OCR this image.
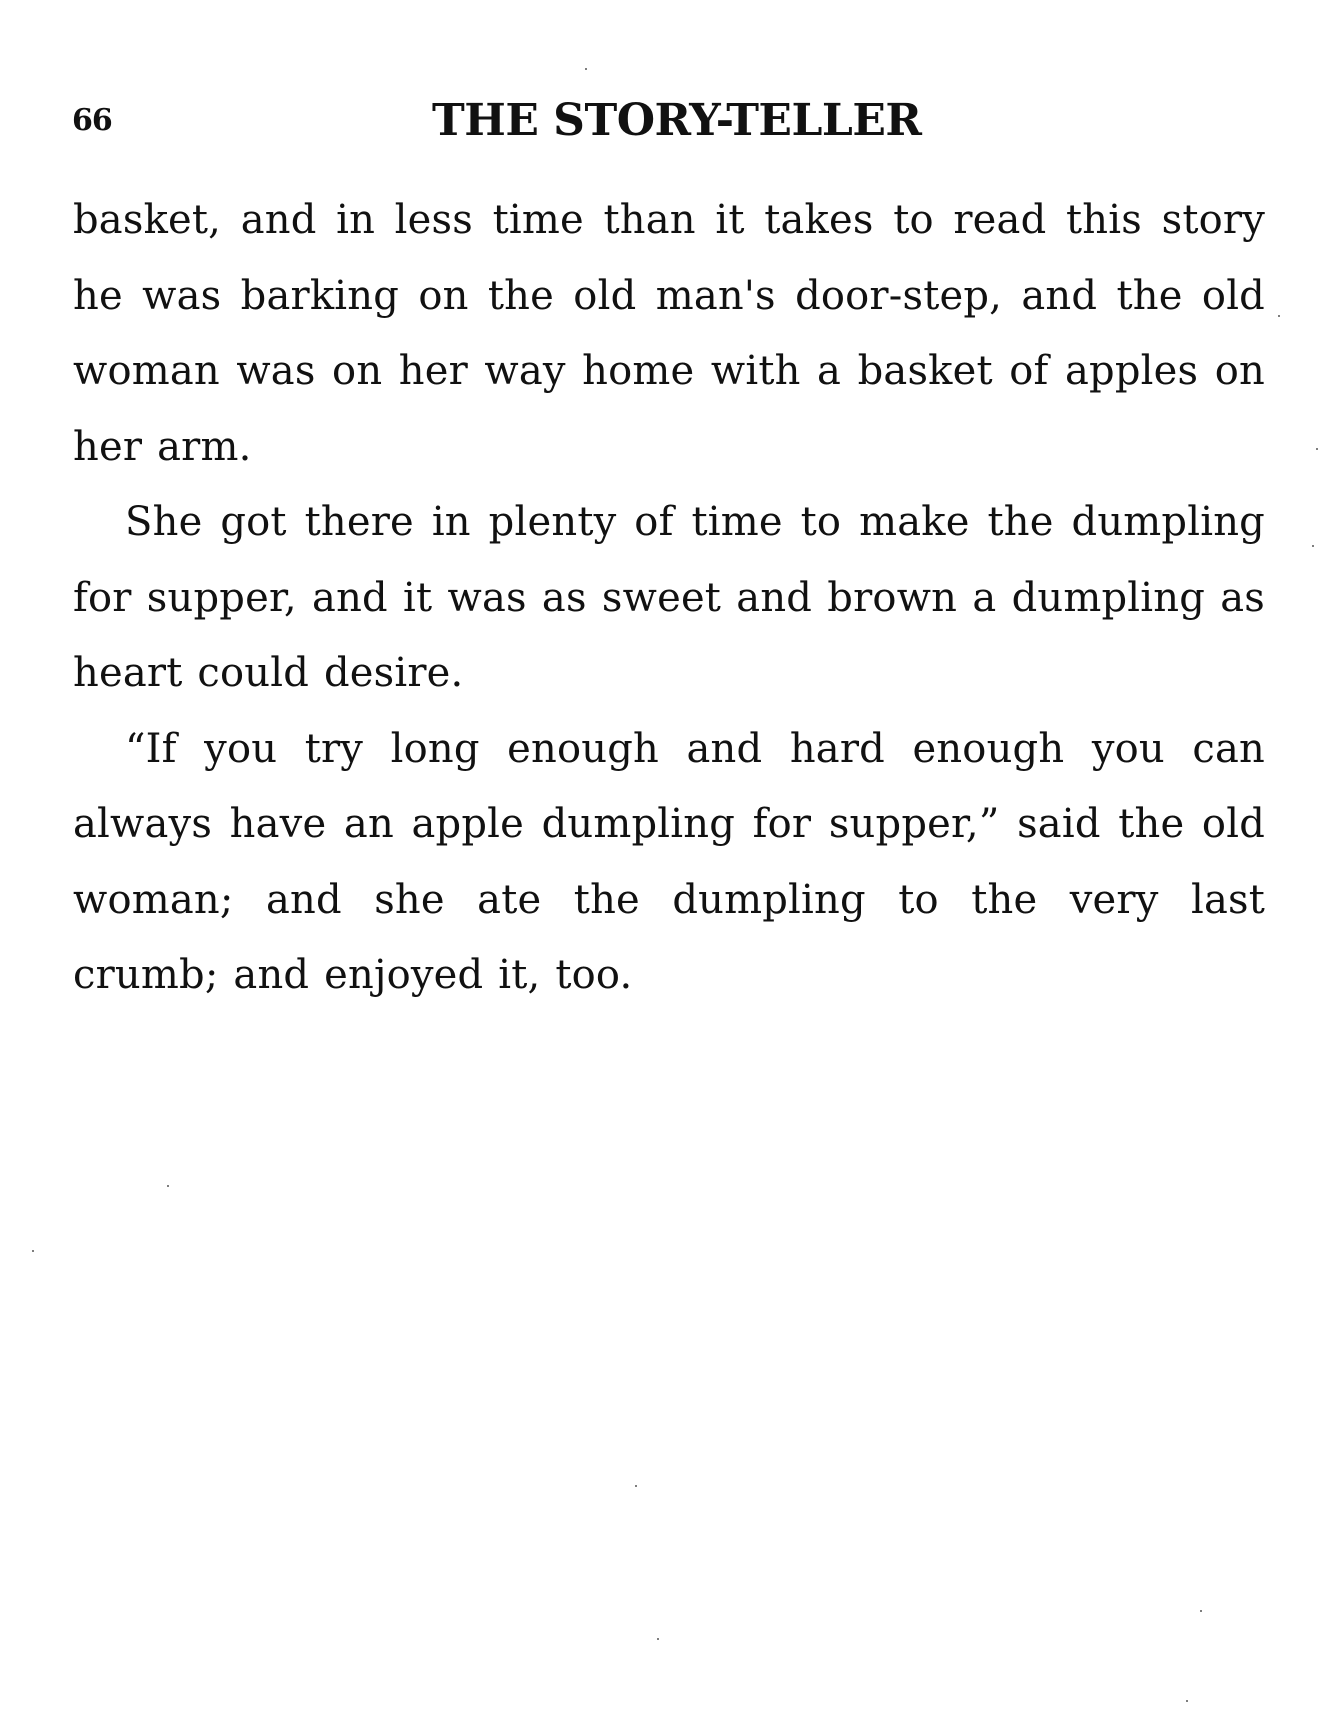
66	THE STORY-TELLER

basket, and in less time than it takes to read this story he was barking on the old man's door-step, and the old woman was on her way home with a basket of apples on her arm.

She got there in plenty of time to make the dumpling for supper, and it was as sweet and brown a dumpling as heart could desire.

“If you try long enough and hard enough you can always have an apple dumpling for supper,” said the old woman; and she ate the dumpling to the very last crumb; and enjoyed it, too.
